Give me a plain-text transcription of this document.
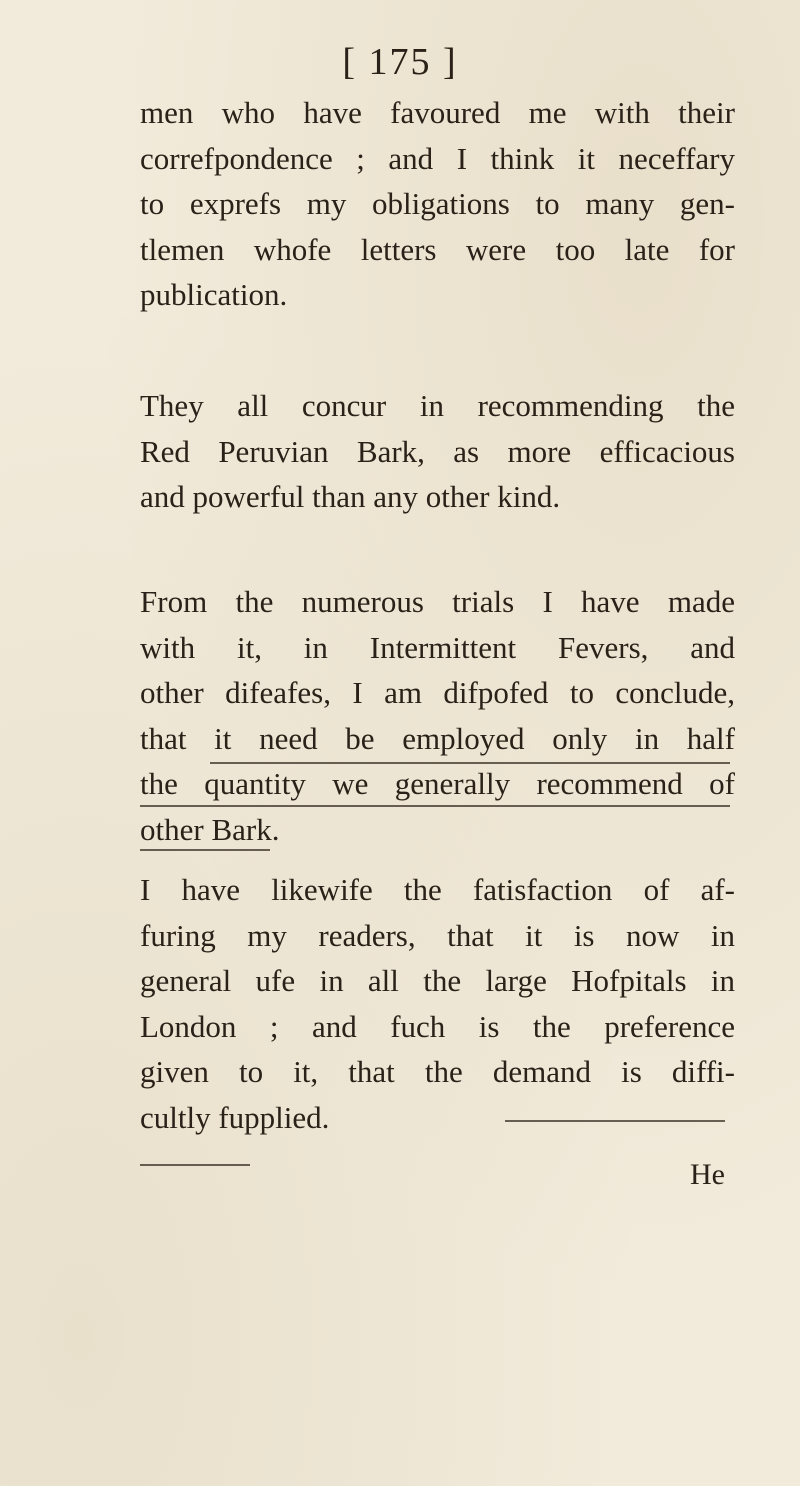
[ 175 ]
men who have favoured me with their
correfpondence ; and I think it neceffary
to exprefs my obligations to many gen-
tlemen whofe letters were too late for
publication.
They all concur in recommending the
Red Peruvian Bark, as more efficacious
and powerful than any other kind.
From the numerous trials I have made
with it, in Intermittent Fevers, and
other difeafes, I am difpofed to conclude,
that it need be employed only in half
the quantity we generally recommend of
other Bark.
I have likewife the fatisfaction of af-
furing my readers, that it is now in
general ufe in all the large Hofpitals in
London ; and fuch is the preference
given to it, that the demand is diffi-
cultly fupplied.
He
